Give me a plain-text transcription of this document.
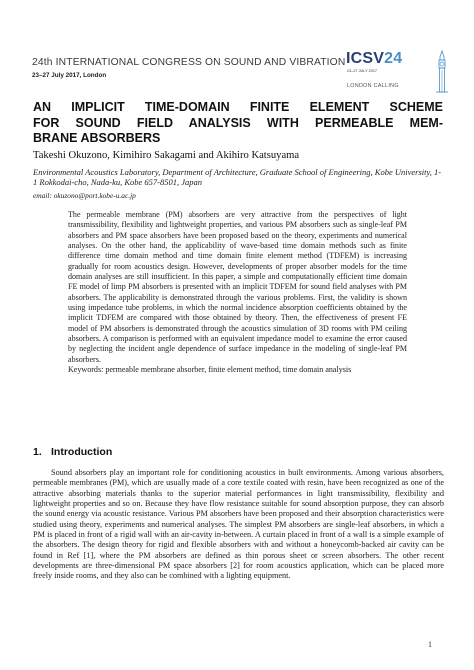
24th INTERNATIONAL CONGRESS ON SOUND AND VIBRATION
23–27 July 2017, London
ICSV24
23–27 JULY 2017
LONDON CALLING
AN IMPLICIT TIME-DOMAIN FINITE ELEMENT SCHEME
FOR SOUND FIELD ANALYSIS WITH PERMEABLE MEM-
BRANE ABSORBERS
Takeshi Okuzono, Kimihiro Sakagami and Akihiro Katsuyama
Environmental Acoustics Laboratory, Department of Architecture, Graduate School of Engineering, Kobe University, 1-1 Rokkodai-cho, Nada-ku, Kobe 657-8501, Japan
email: okuzono@port.kobe-u.ac.jp

The permeable membrane (PM) absorbers are very attractive from the perspectives of light transmissibility, flexibility and lightweight properties, and various PM absorbers such as single-leaf PM absorbers and PM space absorbers have been proposed based on the theory, experiments and numerical analyses. On the other hand, the applicability of wave-based time domain methods such as finite difference time domain method and time domain finite element method (TDFEM) is increasing gradually for room acoustics design. However, developments of proper absorber models for the time domain analyses are still insufficient. In this paper, a simple and computationally efficient time domain FE model of limp PM absorbers is presented with an implicit TDFEM for sound field analyses with PM absorbers. The applicability is demonstrated through the various problems. First, the validity is shown using impedance tube problems, in which the normal incidence absorption coefficients obtained by the implicit TDFEM are compared with those obtained by theory. Then, the effectiveness of present FE model of PM absorbers is demonstrated through the acoustics simulation of 3D rooms with PM ceiling absorbers. A comparison is performed with an equivalent impedance model to examine the error caused by neglecting the incident angle dependence of surface impedance in the modeling of single-leaf PM absorbers.

Keywords: permeable membrane absorber, finite element method, time domain analysis

1. Introduction

Sound absorbers play an important role for conditioning acoustics in built environments. Among various absorbers, permeable membranes (PM), which are usually made of a core textile coated with resin, have been recognized as one of the attractive absorbing materials thanks to the superior material performances in light transmissibility, flexibility and lightweight properties and so on. Because they have flow resistance suitable for sound absorption purpose, they can absorb the sound energy via acoustic resistance. Various PM absorbers have been proposed and their absorption characteristics were studied using theory, experiments and numerical analyses. The simplest PM absorbers are single-leaf absorbers, in which a PM is placed in front of a rigid wall with an air-cavity in-between. A curtain placed in front of a wall is a simple example of the absorbers. The design theory for rigid and flexible absorbers with and without a honeycomb-backed air cavity can be found in Ref [1], where the PM absorbers are defined as thin porous sheet or screen absorbers. The other recent developments are three-dimensional PM space absorbers [2] for room acoustics application, which can be placed more freely inside rooms, and they also can be combined with a lighting equipment.

1
